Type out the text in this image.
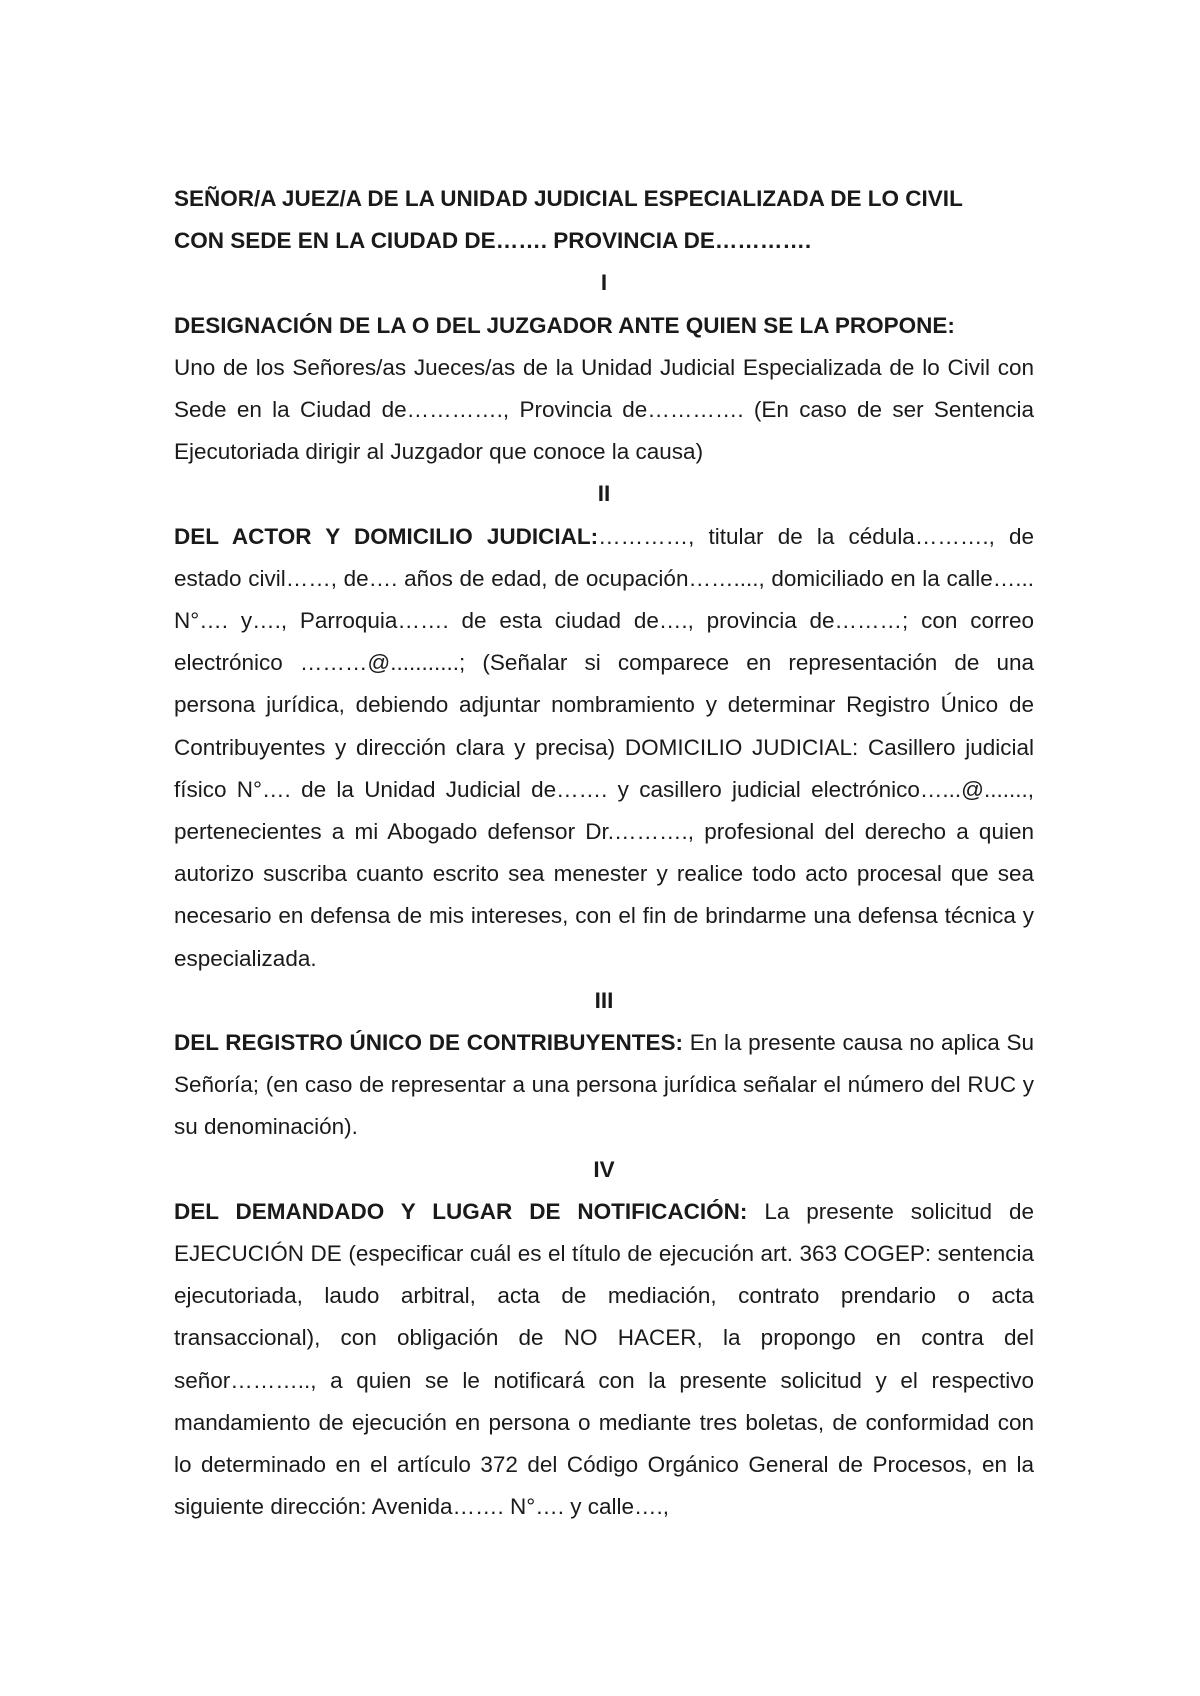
SEÑOR/A JUEZ/A DE LA UNIDAD JUDICIAL ESPECIALIZADA DE LO CIVIL
CON SEDE EN LA CIUDAD DE……. PROVINCIA DE………….
I
DESIGNACIÓN DE LA O DEL JUZGADOR ANTE QUIEN SE LA PROPONE:
Uno de los Señores/as Jueces/as de la Unidad Judicial Especializada de lo Civil con Sede en la Ciudad de…………., Provincia de…………. (En caso de ser Sentencia Ejecutoriada dirigir al Juzgador que conoce la causa)
II
DEL ACTOR Y DOMICILIO JUDICIAL:…………, titular de la cédula………., de estado civil……, de…. años de edad, de ocupación……...., domiciliado en la calle…... N°…. y…., Parroquia……. de esta ciudad de…., provincia de………; con correo electrónico ………@...........; (Señalar si comparece en representación de una persona jurídica, debiendo adjuntar nombramiento y determinar Registro Único de Contribuyentes y dirección clara y precisa) DOMICILIO JUDICIAL: Casillero judicial físico N°…. de la Unidad Judicial de……. y casillero judicial electrónico…...@......., pertenecientes a mi Abogado defensor Dr.………., profesional del derecho a quien autorizo suscriba cuanto escrito sea menester y realice todo acto procesal que sea necesario en defensa de mis intereses, con el fin de brindarme una defensa técnica y especializada.
III
DEL REGISTRO ÚNICO DE CONTRIBUYENTES: En la presente causa no aplica Su Señoría; (en caso de representar a una persona jurídica señalar el número del RUC y su denominación).
IV
DEL DEMANDADO Y LUGAR DE NOTIFICACIÓN: La presente solicitud de EJECUCIÓN DE (especificar cuál es el título de ejecución art. 363 COGEP: sentencia ejecutoriada, laudo arbitral, acta de mediación, contrato prendario o acta transaccional), con obligación de NO HACER, la propongo en contra del señor……….., a quien se le notificará con la presente solicitud y el respectivo mandamiento de ejecución en persona o mediante tres boletas, de conformidad con lo determinado en el artículo 372 del Código Orgánico General de Procesos, en la siguiente dirección: Avenida……. N°…. y calle….,
